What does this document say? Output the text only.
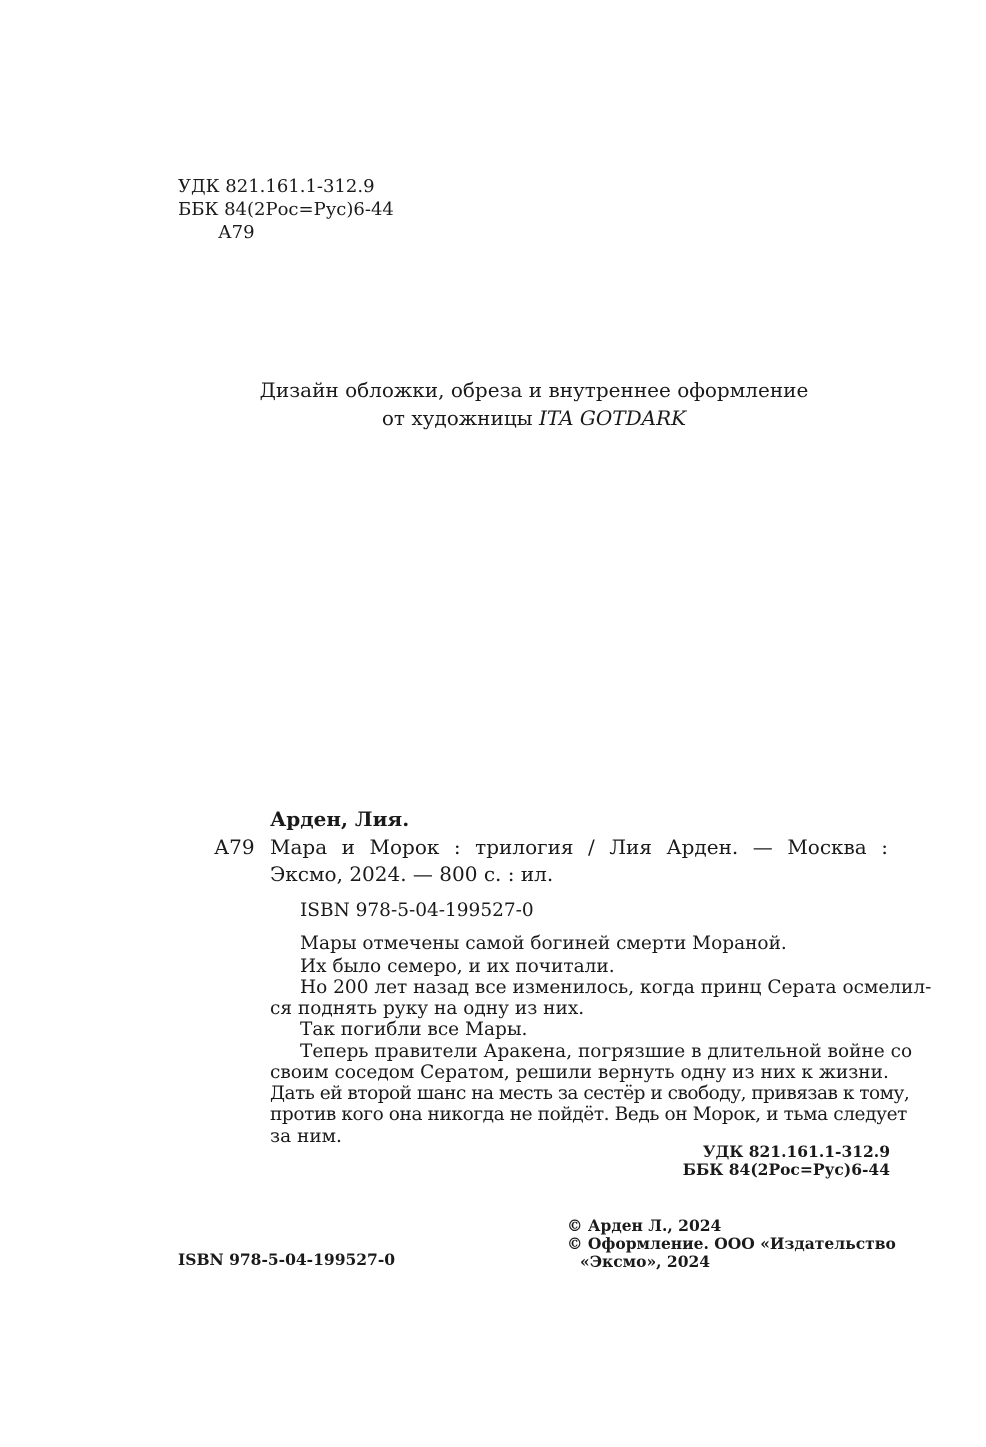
УДК 821.161.1-312.9
ББК 84(2Рос=Рус)6-44
А79
Дизайн обложки, обреза и внутреннее оформление
от художницы ITA GOTDARK
Арден, Лия.
А79 Мара и Морок : трилогия / Лия Арден. — Москва :
Эксмо, 2024. — 800 с. : ил.
ISBN 978-5-04-199527-0
Мары отмечены самой богиней смерти Мораной.
Их было семеро, и их почитали.
Но 200 лет назад все изменилось, когда принц Серата осмелил-
ся поднять руку на одну из них.
Так погибли все Мары.
Теперь правители Аракена, погрязшие в длительной войне со
своим соседом Сератом, решили вернуть одну из них к жизни.
Дать ей второй шанс на месть за сестёр и свободу, привязав к тому,
против кого она никогда не пойдёт. Ведь он Морок, и тьма следует
за ним.
УДК 821.161.1-312.9
ББК 84(2Рос=Рус)6-44
ISBN 978-5-04-199527-0
© Арден Л., 2024
© Оформление. ООО «Издательство
«Эксмо», 2024
